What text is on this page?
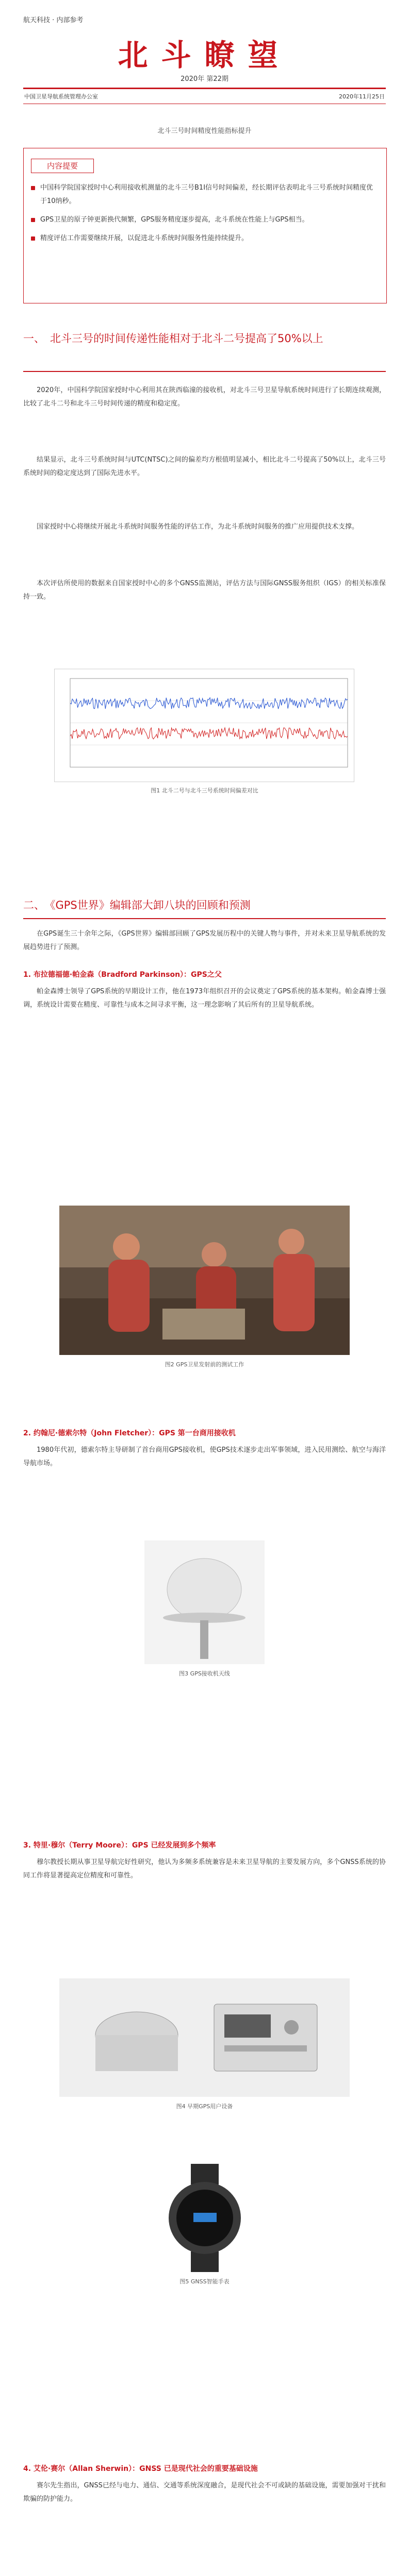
航天科技 · 内部参考
北斗瞭望
2020年 第22期
中国卫星导航系统管理办公室	2020年11月25日
北斗三号时间精度性能指标提升
内容提要
中国科学院国家授时中心利用接收机测量的北斗三号B1I信号时间偏差，经长期评估表明北斗三号系统时间精度优于10纳秒。
GPS卫星的原子钟更新换代频繁，GPS服务精度逐步提高，北斗系统在性能上与GPS相当。
精度评估工作需要继续开展，以促进北斗系统时间服务性能持续提升。
一、 北斗三号的时间传递性能相对于北斗二号提高了50%以上
2020年，中国科学院国家授时中心利用其在陕西临潼的接收机，对北斗三号卫星导航系统时间进行了长期连续观测，比较了北斗二号和北斗三号时间传递的精度和稳定度。
结果显示，北斗三号系统时间与UTC(NTSC)之间的偏差均方根值明显减小，相比北斗二号提高了50%以上，北斗三号系统时间的稳定度达到了国际先进水平。
国家授时中心将继续开展北斗系统时间服务性能的评估工作，为北斗系统时间服务的推广应用提供技术支撑。
本次评估所使用的数据来自国家授时中心的多个GNSS监测站，评估方法与国际GNSS服务组织（IGS）的相关标准保持一致。
图1 北斗二号与北斗三号系统时间偏差对比
二、 《GPS世界》编辑部大卸八块的回顾和预测
在GPS诞生三十余年之际，《GPS世界》编辑部回顾了GPS发展历程中的关键人物与事件，并对未来卫星导航系统的发展趋势进行了预测。
1. 布拉德福德·帕金森（Bradford Parkinson）：GPS之父
帕金森博士领导了GPS系统的早期设计工作，他在1973年组织召开的会议奠定了GPS系统的基本架构。帕金森博士强调，系统设计需要在精度、可靠性与成本之间寻求平衡，这一理念影响了其后所有的卫星导航系统。
图2 GPS卫星发射前的测试工作
2. 约翰尼·德索尔特（John Fletcher）：GPS 第一台商用接收机
1980年代初，德索尔特主导研制了首台商用GPS接收机，使GPS技术逐步走出军事领域，进入民用测绘、航空与海洋导航市场。
图3 GPS接收机天线
3. 特里·穆尔（Terry Moore）：GPS 已经发展到多个频率
穆尔教授长期从事卫星导航完好性研究，他认为多频多系统兼容是未来卫星导航的主要发展方向，多个GNSS系统的协同工作将显著提高定位精度和可靠性。
图4 早期GPS用户设备
图5 GNSS智能手表
4. 艾伦·赛尔（Allan Sherwin）：GNSS 已是现代社会的重要基础设施
赛尔先生指出，GNSS已经与电力、通信、交通等系统深度融合，是现代社会不可或缺的基础设施，需要加强对干扰和欺骗的防护能力。
